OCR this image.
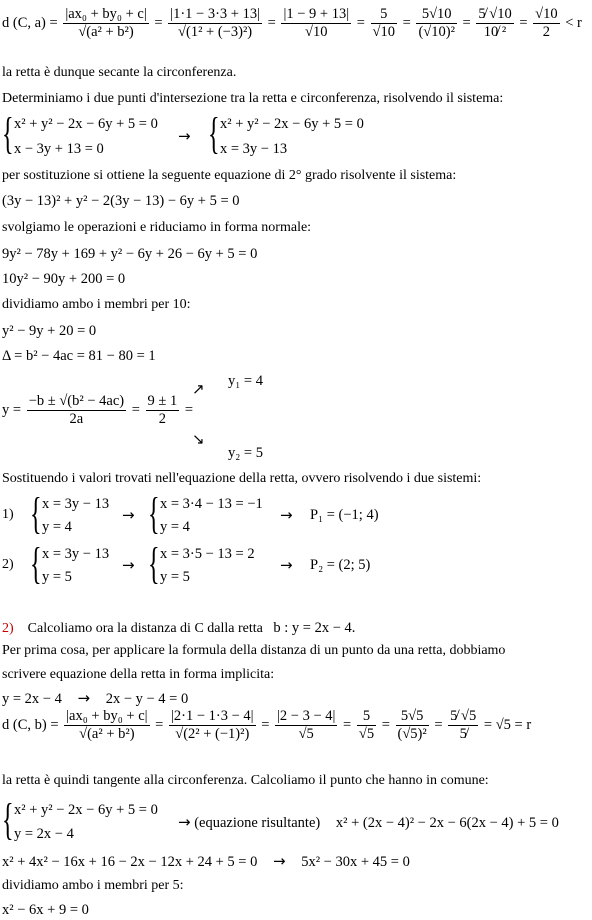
d (C, $a) = \frac{\text{|ax₀ + by₀ + c|}}{\text{√(a² + b²)}} = \frac{|1\cdot 1 - 3\cdot 3 + 13|}{\text{√(1² + (−3)²)}} = \frac{|1 - 9 + 13|}{√10} = \frac{5}{√10} = \frac{5√10}{\text{(√10)²}} = \frac{5̸ √10}{\text{10̸ ²}} = \frac{√10}{2} < r$
la retta è dunque secante la circonferenza.
Determiniamo i due punti d'intersezione tra la retta e circonferenza, risolvendo il sistema:
{ x² + y² − 2x − 6y + 5 = 0
x − 3y + 13 = 0
→ { x² + y² − 2x − 6y + 5 = 0
x = 3y − 13
per sostituzione si ottiene la seguente equazione di 2° grado risolvente il sistema:
(3y − 13)² + y² − 2(3y − 13) − 6y + 5 = 0
svolgiamo le operazioni e riduciamo in forma normale:
9y² − 78y + 169 + y² − 6y + 26 − 6y + 5 = 0
10y² − 90y + 200 = 0
dividiamo ambo i membri per 10:
y² − 9y + 20 = 0
Δ = b² − 4ac = 81 − 80 = 1
$y = \frac{\text{−b ± √(b² − 4ac)}}{2a} = \frac{9 \pm 1}{2}$ =
↗
↘
y₁ = 4
y₂ = 5
Sostituendo i valori trovati nell'equazione della retta, ovvero risolvendo i due sistemi:
1) { x = 3y − 13
y = 4
→ { x = 3·4 − 13 = −1
y = 4
→ P₁ = (−1; 4)
2) { x = 3y − 13
y = 5
→ { x = 3·5 − 13 = 2
y = 5
→ P₂ = (2; 5)
2) Calcoliamo ora la distanza di C dalla retta b : y = 2x − 4.
Per prima cosa, per applicare la formula della distanza di un punto da una retta, dobbiamo
scrivere equazione della retta in forma implicita:
y = 2x − 4 → 2x − y − 4 = 0
d (C, $b) = \frac{\text{|ax₀ + by₀ + c|}}{\text{√(a² + b²)}} = \frac{|2\cdot 1 - 1\cdot 3 - 4|}{\text{√(2² + (−1)²)}} = \frac{|2 - 3 - 4|}{√5} = \frac{5}{√5} = \frac{5√5}{\text{(√5)²}} = \frac{5̸ √5}{5̸} = √5 = r$
la retta è quindi tangente alla circonferenza. Calcoliamo il punto che hanno in comune:
{ x² + y² − 2x − 6y + 5 = 0
y = 2x − 4
→ (equazione risultante) x² + (2x − 4)² − 2x − 6(2x − 4) + 5 = 0
x² + 4x² − 16x + 16 − 2x − 12x + 24 + 5 = 0 → 5x² − 30x + 45 = 0
dividiamo ambo i membri per 5:
x² − 6x + 9 = 0
